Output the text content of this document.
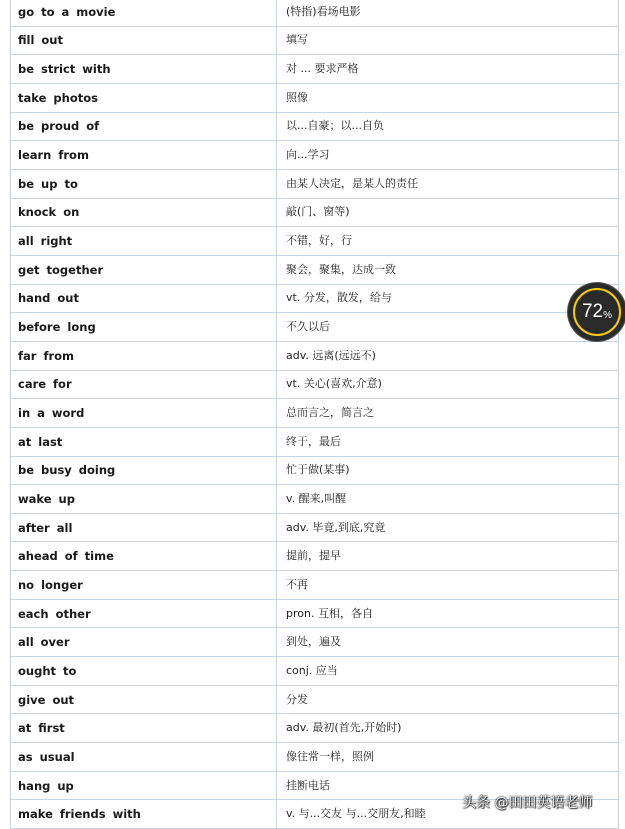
go to a movie	(特指)看场电影
fill out	填写
be strict with	对 ... 要求严格
take photos	照像
be proud of	以...自豪；以...自负
learn from	向...学习
be up to	由某人决定，是某人的责任
knock on	敲(门、窗等)
all right	不错，好，行
get together	聚会，聚集，达成一致
hand out	vt. 分发，散发，给与
before long	不久以后
far from	adv. 远离(远远不)
care for	vt. 关心(喜欢,介意)
in a word	总而言之，简言之
at last	终于，最后
be busy doing	忙于做(某事)
wake up	v. 醒来,叫醒
after all	adv. 毕竟,到底,究竟
ahead of time	提前，提早
no longer	不再
each other	pron. 互相，各自
all over	到处，遍及
ought to	conj. 应当
give out	分发
at first	adv. 最初(首先,开始时)
as usual	像往常一样，照例
hang up	挂断电话
make friends with	v. 与...交友 与...交朋友,和睦
72 %
头条 @田田英语老师
